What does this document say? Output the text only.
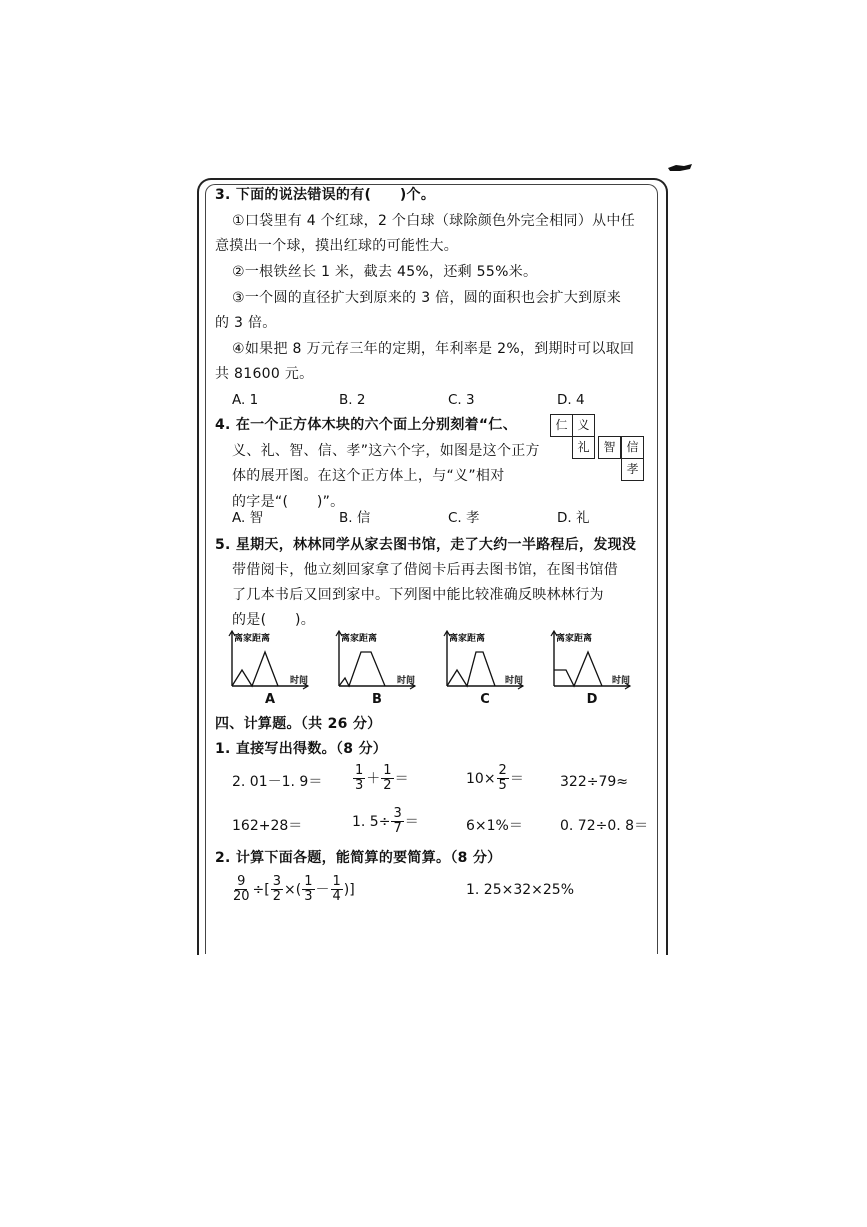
3. 下面的说法错误的有(　　)个。
①口袋里有 4 个红球，2 个白球（球除颜色外完全相同）从中任
意摸出一个球，摸出红球的可能性大。
②一根铁丝长 1 米，截去 45%，还剩 55%米。
③一个圆的直径扩大到原来的 3 倍，圆的面积也会扩大到原来
的 3 倍。
④如果把 8 万元存三年的定期，年利率是 2%，到期时可以取回
共 81600 元。
A. 1	B. 2	C. 3	D. 4
4. 在一个正方体木块的六个面上分别刻着“仁、
义、礼、智、信、孝”这六个字，如图是这个正方
体的展开图。在这个正方体上，与“义”相对
的字是“(　　)”。
仁 义
礼	智 信
孝
A. 智	B. 信	C. 孝	D. 礼
5. 星期天，林林同学从家去图书馆，走了大约一半路程后，发现没
带借阅卡，他立刻回家拿了借阅卡后再去图书馆，在图书馆借
了几本书后又回到家中。下列图中能比较准确反映林林行为
的是(　　)。
离家距离
时间
A
离家距离
时间
B
离家距离
时间
C
离家距离
时间
D
四、计算题。（共 26 分）
1. 直接写出得数。（8 分）
2. 01－1. $9= \frac{1}{3} + \frac{1}{2}$ ＝	$10\times \frac{2}{5}$ ＝	322÷79≈
162+28＝	1. $5\div \frac{3}{7}$ ＝	6×1%＝	0. 72÷0. 8＝
2. 计算下面各题，能简算的要简算。（8 分）
$\frac{9}{20}$ ÷[ $\frac{3}{2}$ ×( $\frac{1}{3} - \frac{1}{4}$ )]	1. 25×32×25%
